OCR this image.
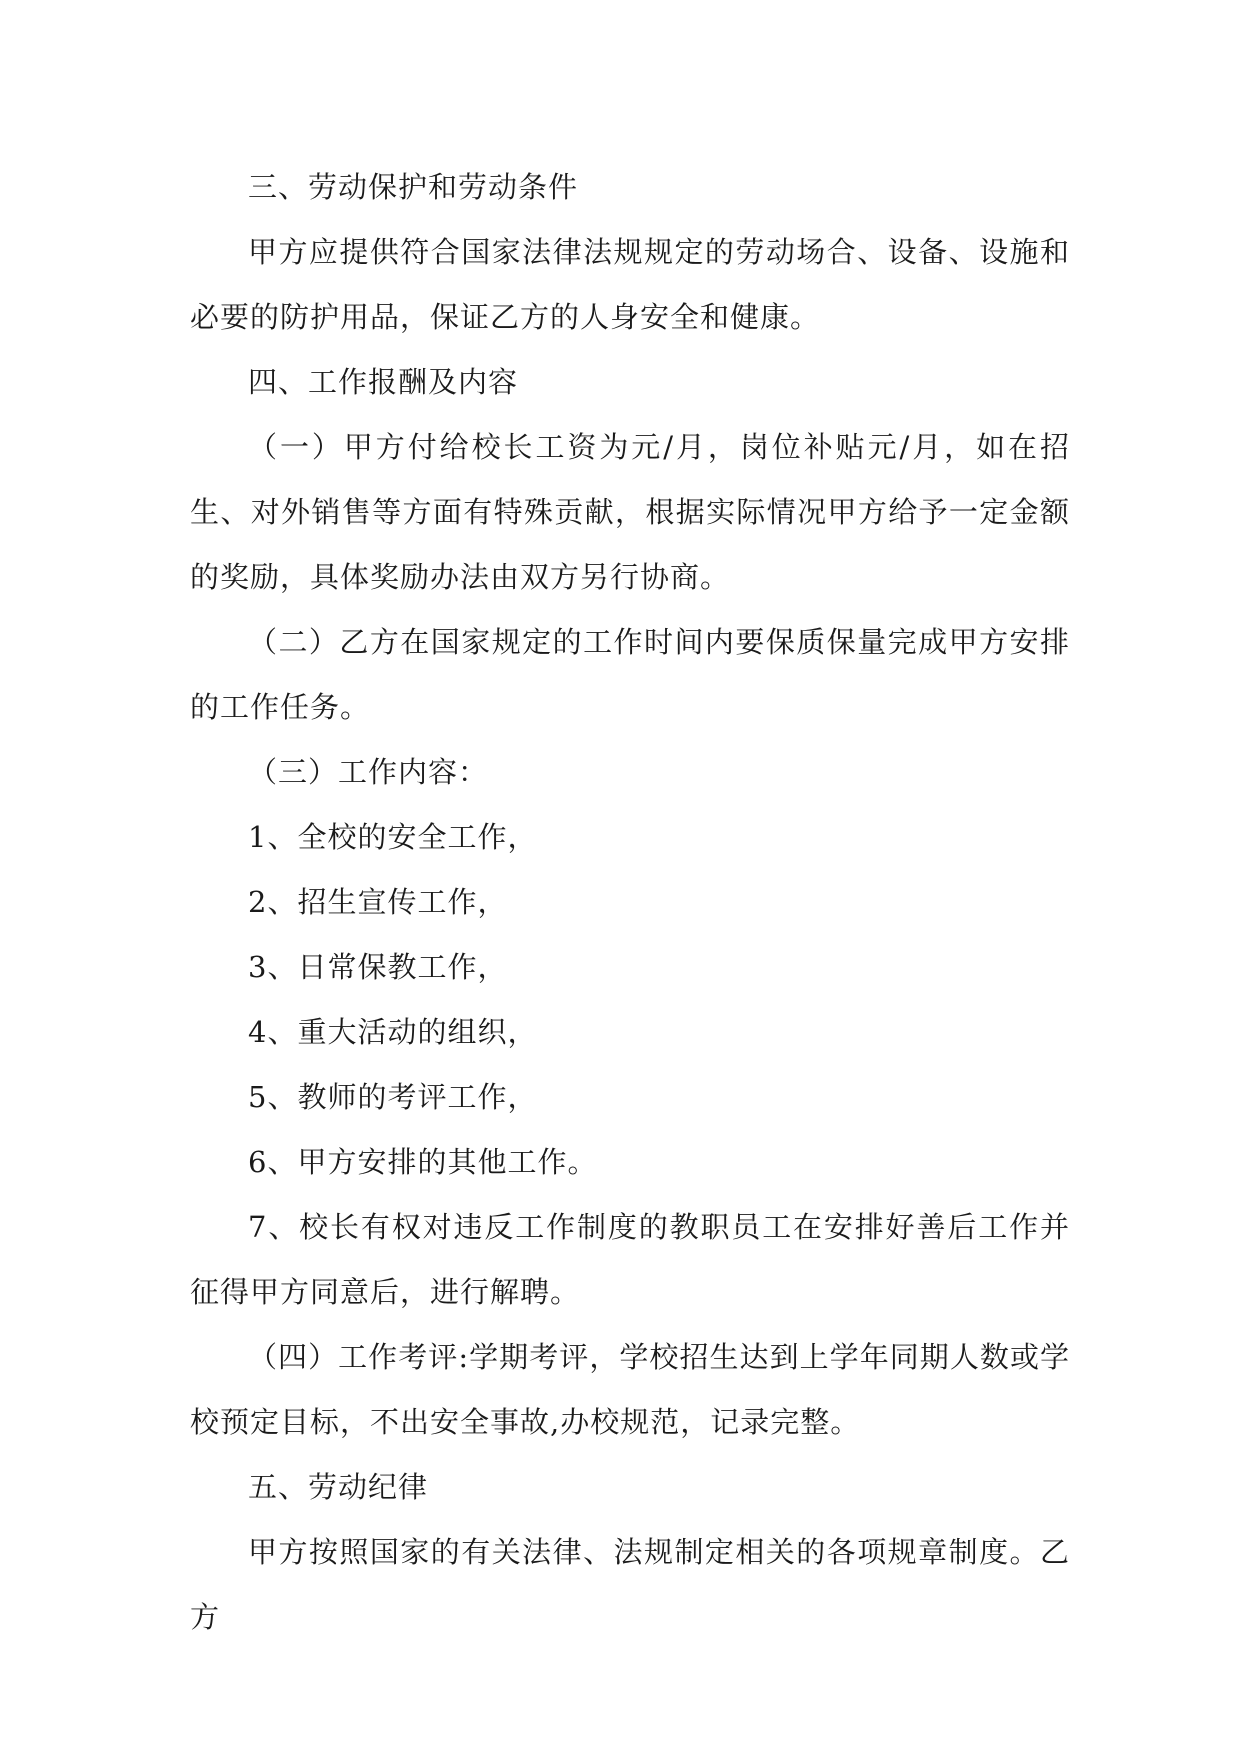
三、劳动保护和劳动条件

甲方应提供符合国家法律法规规定的劳动场合、设备、设施和必要的防护用品，保证乙方的人身安全和健康。

四、工作报酬及内容

（一）甲方付给校长工资为元/月，岗位补贴元/月，如在招生、对外销售等方面有特殊贡献，根据实际情况甲方给予一定金额的奖励，具体奖励办法由双方另行协商。

（二）乙方在国家规定的工作时间内要保质保量完成甲方安排的工作任务。

（三）工作内容：

1、全校的安全工作，

2、招生宣传工作，

3、日常保教工作，

4、重大活动的组织，

5、教师的考评工作，

6、甲方安排的其他工作。

7、校长有权对违反工作制度的教职员工在安排好善后工作并征得甲方同意后，进行解聘。

（四）工作考评:学期考评，学校招生达到上学年同期人数或学校预定目标，不出安全事故,办校规范，记录完整。

五、劳动纪律

甲方按照国家的有关法律、法规制定相关的各项规章制度。乙方
